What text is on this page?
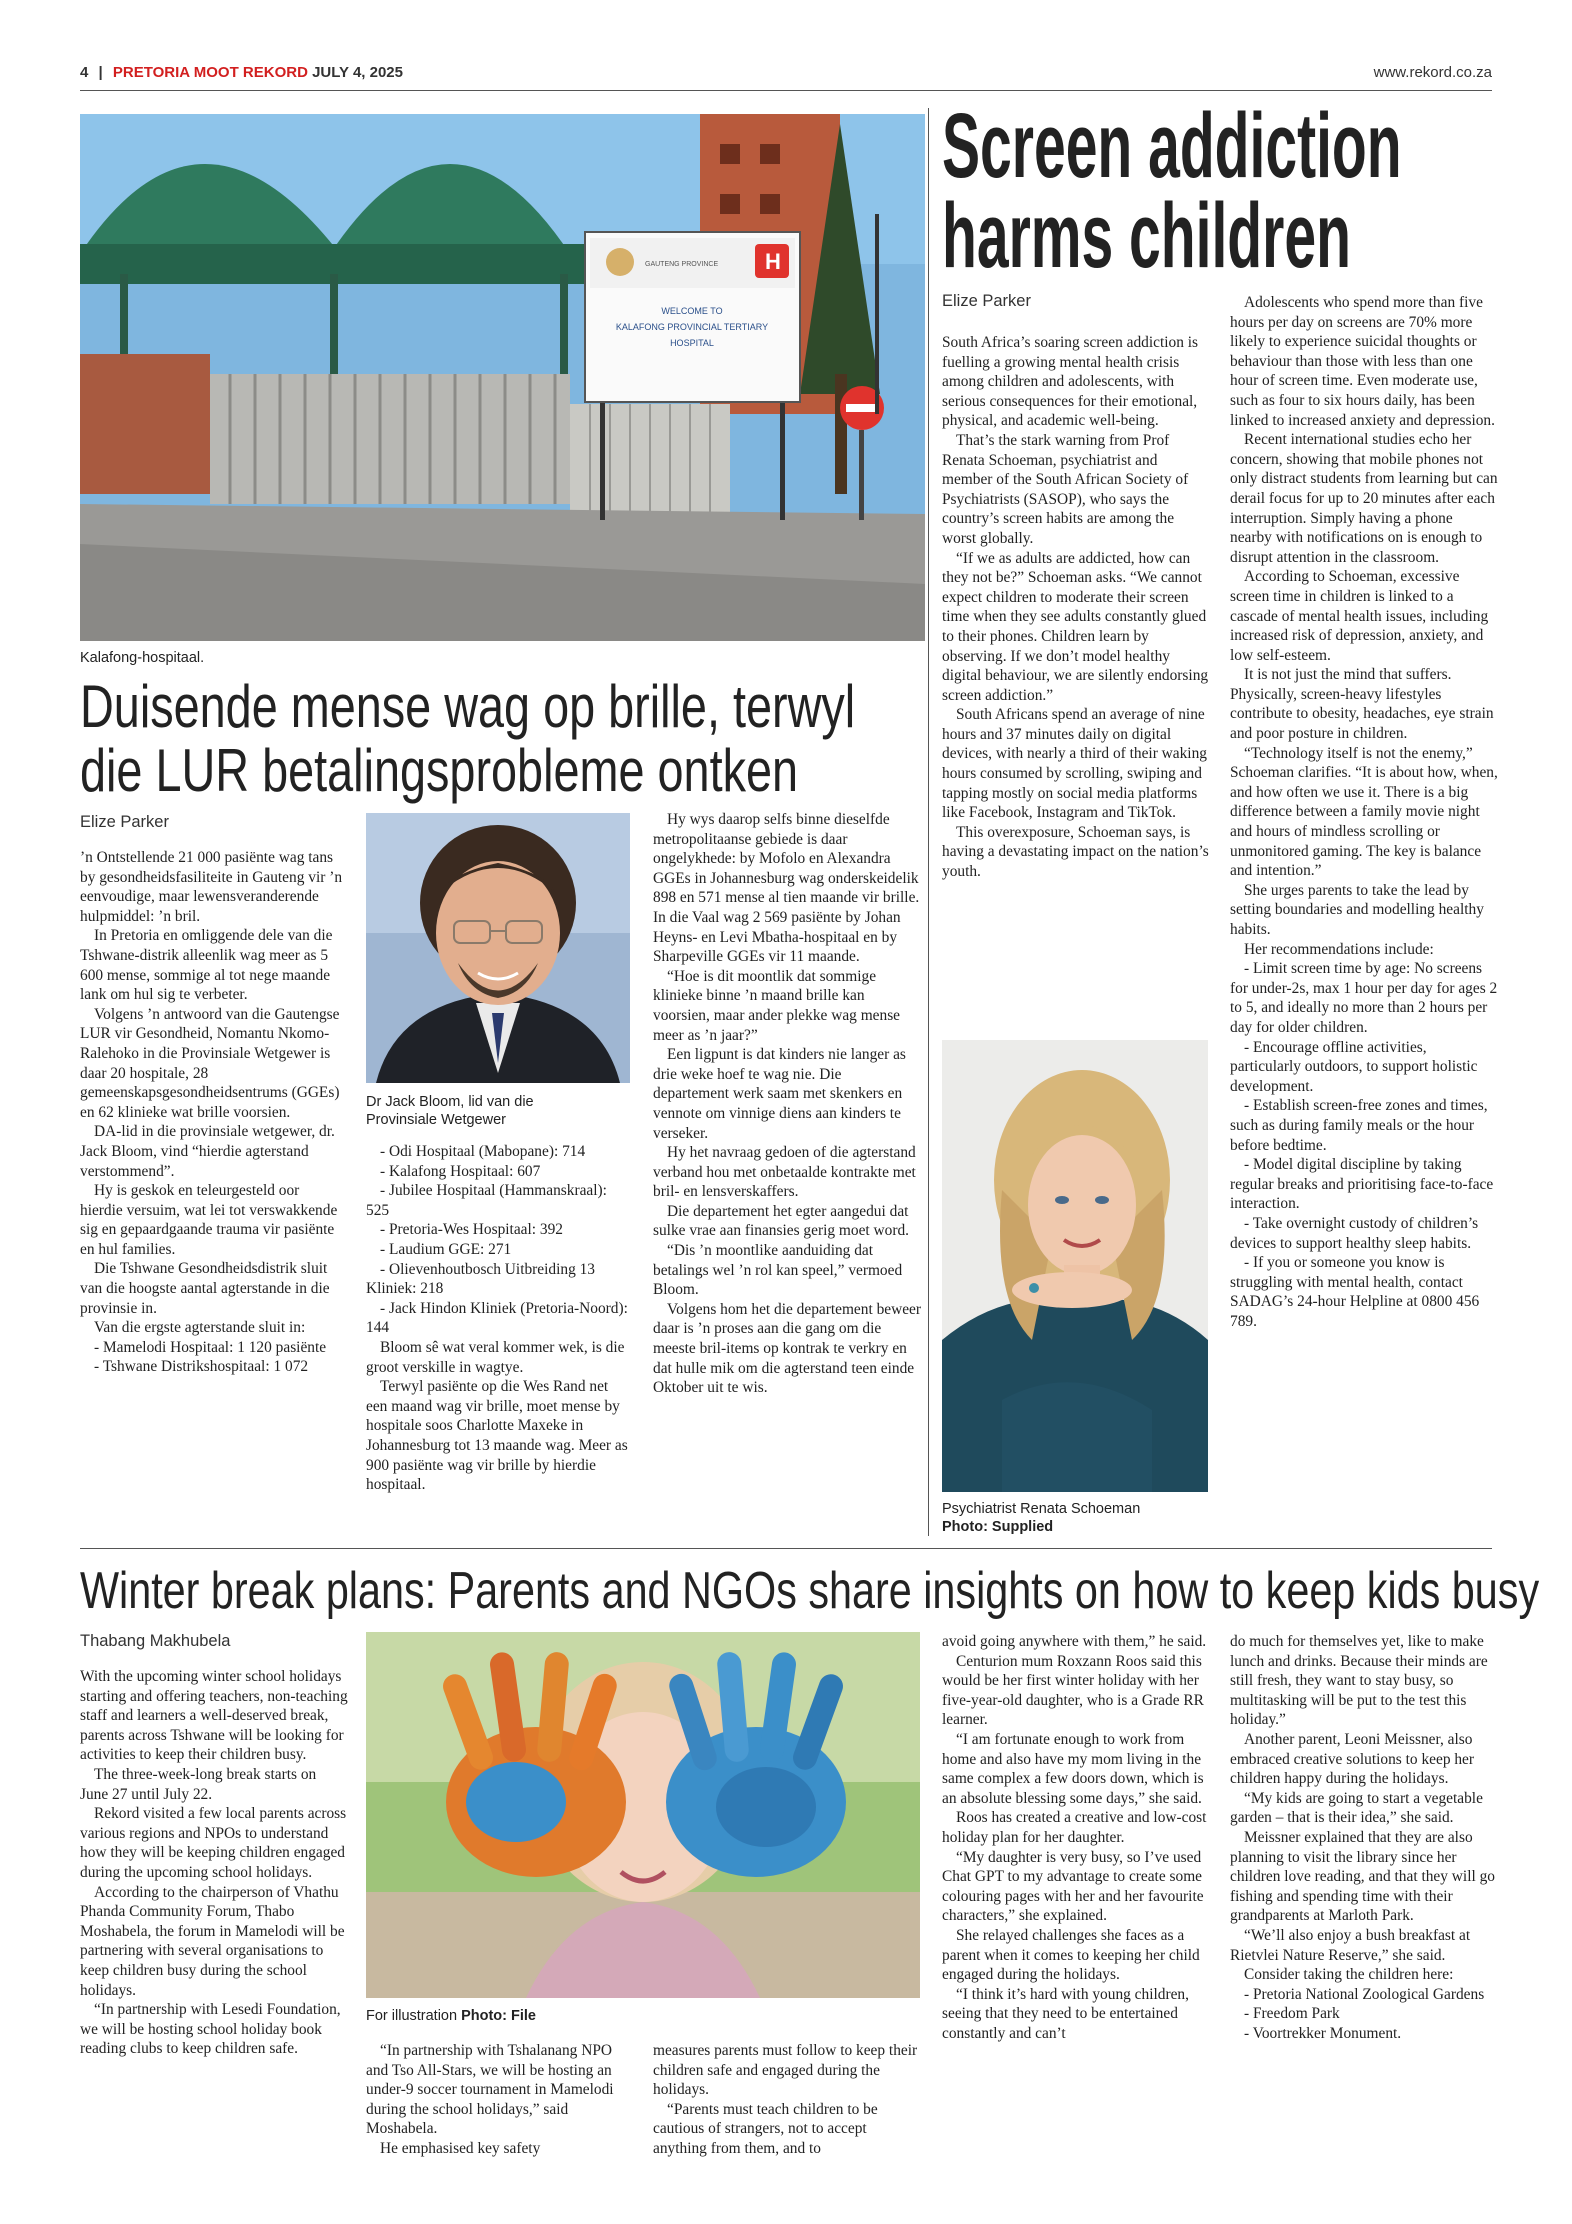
4 | PRETORIA MOOT REKORD JULY 4, 2025	www.rekord.co.za
GAUTENG PROVINCE H
WELCOME TO
KALAFONG PROVINCIAL TERTIARY
HOSPITAL
Kalafong-hospitaal.
Duisende mense wag op brille, terwyl
die LUR betalingsprobleme ontken
Elize Parker

’n Ontstellende 21 000 pasiënte wag tans by gesondheidsfasiliteite in Gauteng vir ’n eenvoudige, maar lewensveranderende hulpmiddel: ’n bril.

In Pretoria en omliggende dele van die Tshwane-distrik alleenlik wag meer as 5 600 mense, sommige al tot nege maande lank om hul sig te verbeter.

Volgens ’n antwoord van die Gautengse LUR vir Gesondheid, Nomantu Nkomo-Ralehoko in die Provinsiale Wetgewer is daar 20 hospitale, 28 gemeenskapsgesondheidsentrums (GGEs) en 62 klinieke wat brille voorsien.

DA-lid in die provinsiale wetgewer, dr. Jack Bloom, vind “hierdie agterstand verstommend”.

Hy is geskok en teleurgesteld oor hierdie versuim, wat lei tot verswakkende sig en gepaardgaande trauma vir pasiënte en hul families.

Die Tshwane Gesondheidsdistrik sluit van die hoogste aantal agterstande in die provinsie in.

Van die ergste agterstande sluit in:

- Mamelodi Hospitaal: 1 120 pasiënte

- Tshwane Distrikshospitaal: 1 072

Dr Jack Bloom, lid van die
Provinsiale Wetgewer

- Odi Hospitaal (Mabopane): 714

- Kalafong Hospitaal: 607

- Jubilee Hospitaal (Hammanskraal): 525

- Pretoria-Wes Hospitaal: 392

- Laudium GGE: 271

- Olievenhoutbosch Uitbreiding 13 Kliniek: 218

- Jack Hindon Kliniek (Pretoria-Noord): 144

Bloom sê wat veral kommer wek, is die groot verskille in wagtye.

Terwyl pasiënte op die Wes Rand net een maand wag vir brille, moet mense by hospitale soos Charlotte Maxeke in Johannesburg tot 13 maande wag. Meer as 900 pasiënte wag vir brille by hierdie hospitaal.

Hy wys daarop selfs binne dieselfde metropolitaanse gebiede is daar ongelykhede: by Mofolo en Alexandra GGEs in Johannesburg wag onderskeidelik 898 en 571 mense al tien maande vir brille. In die Vaal wag 2 569 pasiënte by Johan Heyns- en Levi Mbatha-hospitaal en by Sharpeville GGEs vir 11 maande.

“Hoe is dit moontlik dat sommige klinieke binne ’n maand brille kan voorsien, maar ander plekke wag mense meer as ’n jaar?”

Een ligpunt is dat kinders nie langer as drie weke hoef te wag nie. Die departement werk saam met skenkers en vennote om vinnige diens aan kinders te verseker.

Hy het navraag gedoen of die agterstand verband hou met onbetaalde kontrakte met bril- en lensverskaffers.

Die departement het egter aangedui dat sulke vrae aan finansies gerig moet word.

“Dis ’n moontlike aanduiding dat betalings wel ’n rol kan speel,” vermoed Bloom.

Volgens hom het die departement beweer daar is ’n proses aan die gang om die meeste bril-items op kontrak te verkry en dat hulle mik om die agterstand teen einde Oktober uit te wis.

Screen addiction
harms children
Elize Parker

South Africa’s soaring screen addiction is fuelling a growing mental health crisis among children and adolescents, with serious consequences for their emotional, physical, and academic well-being.

That’s the stark warning from Prof Renata Schoeman, psychiatrist and member of the South African Society of Psychiatrists (SASOP), who says the country’s screen habits are among the worst globally.

“If we as adults are addicted, how can they not be?” Schoeman asks. “We cannot expect children to moderate their screen time when they see adults constantly glued to their phones. Children learn by observing. If we don’t model healthy digital behaviour, we are silently endorsing screen addiction.”

South Africans spend an average of nine hours and 37 minutes daily on digital devices, with nearly a third of their waking hours consumed by scrolling, swiping and tapping mostly on social media platforms like Facebook, Instagram and TikTok.

This overexposure, Schoeman says, is having a devastating impact on the nation’s youth.

Psychiatrist Renata Schoeman
Photo: Supplied

Adolescents who spend more than five hours per day on screens are 70% more likely to experience suicidal thoughts or behaviour than those with less than one hour of screen time. Even moderate use, such as four to six hours daily, has been linked to increased anxiety and depression.

Recent international studies echo her concern, showing that mobile phones not only distract students from learning but can derail focus for up to 20 minutes after each interruption. Simply having a phone nearby with notifications on is enough to disrupt attention in the classroom.

According to Schoeman, excessive screen time in children is linked to a cascade of mental health issues, including increased risk of depression, anxiety, and low self-esteem.

It is not just the mind that suffers. Physically, screen-heavy lifestyles contribute to obesity, headaches, eye strain and poor posture in children.

“Technology itself is not the enemy,” Schoeman clarifies. “It is about how, when, and how often we use it. There is a big difference between a family movie night and hours of mindless scrolling or unmonitored gaming. The key is balance and intention.”

She urges parents to take the lead by setting boundaries and modelling healthy habits.

Her recommendations include:

- Limit screen time by age: No screens for under-2s, max 1 hour per day for ages 2 to 5, and ideally no more than 2 hours per day for older children.

- Encourage offline activities, particularly outdoors, to support holistic development.

- Establish screen-free zones and times, such as during family meals or the hour before bedtime.

- Model digital discipline by taking regular breaks and prioritising face-to-face interaction.

- Take overnight custody of children’s devices to support healthy sleep habits.

- If you or someone you know is struggling with mental health, contact SADAG’s 24-hour Helpline at 0800 456 789.

Winter break plans: Parents and NGOs share insights on how to keep kids busy
Thabang Makhubela

With the upcoming winter school holidays starting and offering teachers, non-teaching staff and learners a well-deserved break, parents across Tshwane will be looking for activities to keep their children busy.

The three-week-long break starts on June 27 until July 22.

Rekord visited a few local parents across various regions and NPOs to understand how they will be keeping children engaged during the upcoming school holidays.

According to the chairperson of Vhathu Phanda Community Forum, Thabo Moshabela, the forum in Mamelodi will be partnering with several organisations to keep children busy during the school holidays.

“In partnership with Lesedi Foundation, we will be hosting school holiday book reading clubs to keep children safe.

For illustration Photo: File

“In partnership with Tshalanang NPO and Tso All-Stars, we will be hosting an under-9 soccer tournament in Mamelodi during the school holidays,” said Moshabela.

He emphasised key safety

measures parents must follow to keep their children safe and engaged during the holidays.

“Parents must teach children to be cautious of strangers, not to accept anything from them, and to

avoid going anywhere with them,” he said.

Centurion mum Roxzann Roos said this would be her first winter holiday with her five-year-old daughter, who is a Grade RR learner.

“I am fortunate enough to work from home and also have my mom living in the same complex a few doors down, which is an absolute blessing some days,” she said.

Roos has created a creative and low-cost holiday plan for her daughter.

“My daughter is very busy, so I’ve used Chat GPT to my advantage to create some colouring pages with her and her favourite characters,” she explained.

She relayed challenges she faces as a parent when it comes to keeping her child engaged during the holidays.

“I think it’s hard with young children, seeing that they need to be entertained constantly and can’t

do much for themselves yet, like to make lunch and drinks. Because their minds are still fresh, they want to stay busy, so multitasking will be put to the test this holiday.”

Another parent, Leoni Meissner, also embraced creative solutions to keep her children happy during the holidays.

“My kids are going to start a vegetable garden – that is their idea,” she said.

Meissner explained that they are also planning to visit the library since her children love reading, and that they will go fishing and spending time with their grandparents at Marloth Park.

“We’ll also enjoy a bush breakfast at Rietvlei Nature Reserve,” she said.

Consider taking the children here:

- Pretoria National Zoological Gardens

- Freedom Park

- Voortrekker Monument.
